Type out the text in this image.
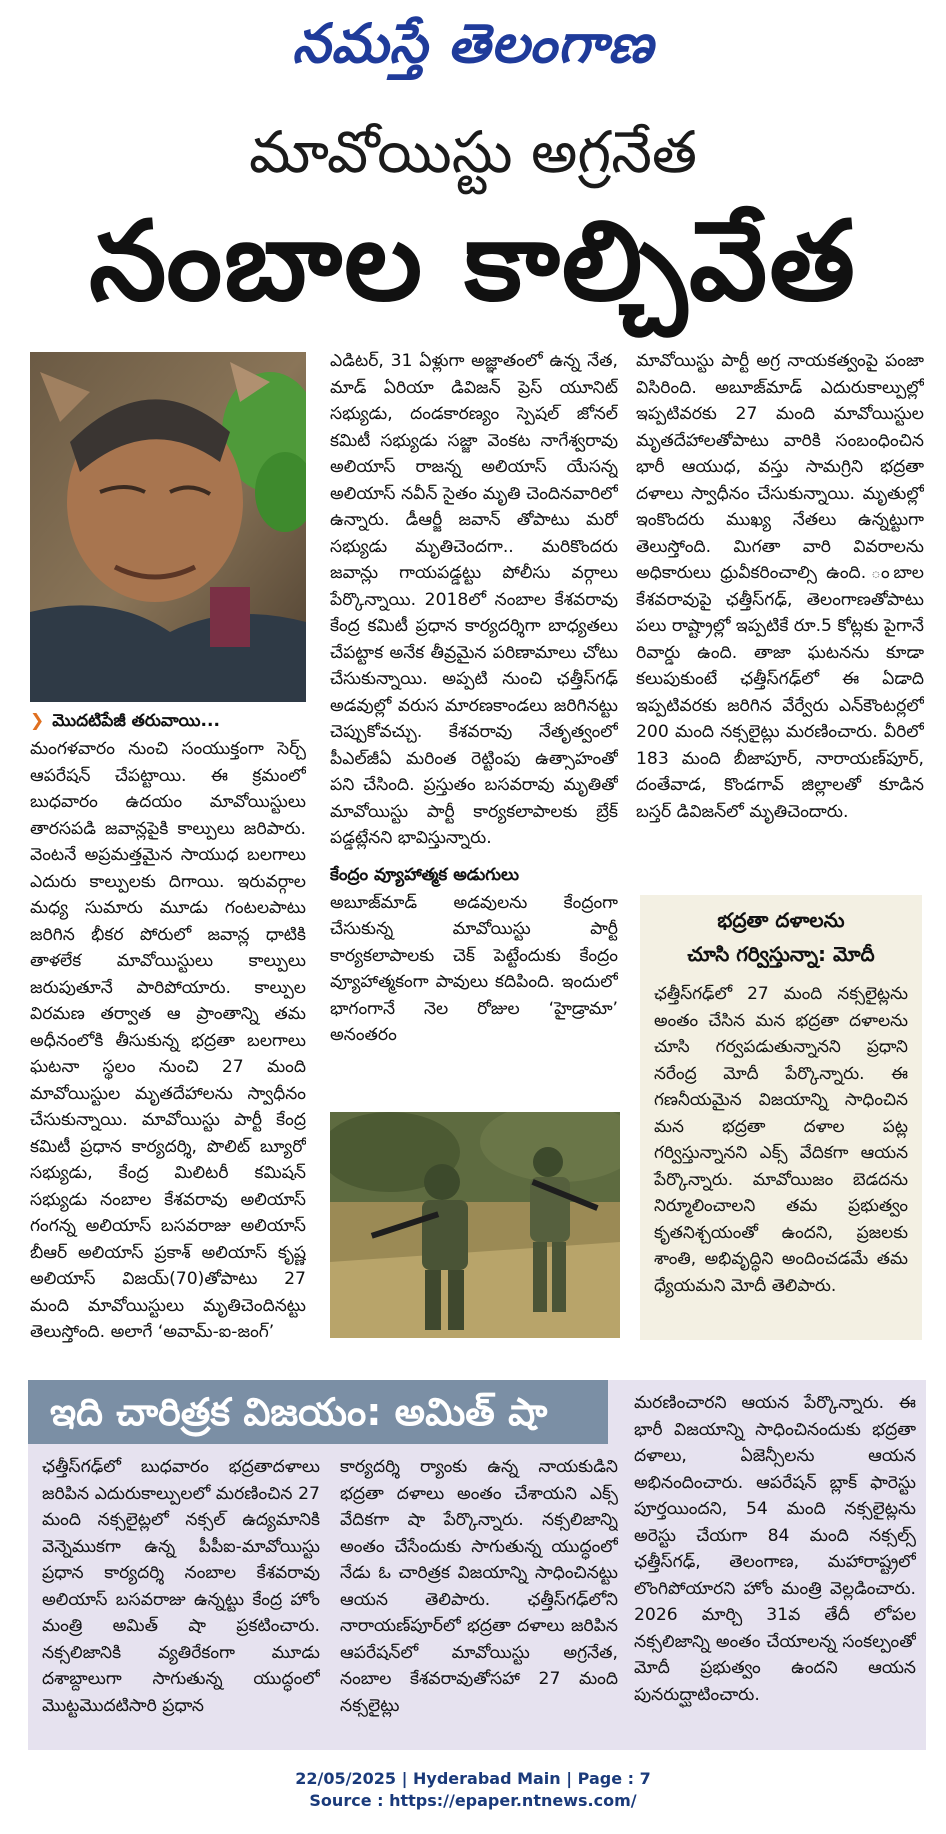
నమస్తే తెలంగాణ
మావోయిస్టు అగ్రనేత
నంబాల కాల్చివేత
❯ మొదటిపేజీ తరువాయి...

మంగళవారం నుంచి సంయుక్తంగా సెర్చ్ ఆపరేషన్ చేపట్టాయి. ఈ క్రమంలో బుధవారం ఉదయం మావోయిస్టులు తారసపడి జవాన్లపైకి కాల్పులు జరిపారు. వెంటనే అప్రమత్తమైన సాయుధ బలగాలు ఎదురు కాల్పులకు దిగాయి. ఇరువర్గాల మధ్య సుమారు మూడు గంటలపాటు జరిగిన భీకర పోరులో జవాన్ల ధాటికి తాళలేక మావోయిస్టులు కాల్పులు జరుపుతూనే పారిపోయారు. కాల్పుల విరమణ తర్వాత ఆ ప్రాంతాన్ని తమ అధీనంలోకి తీసుకున్న భద్రతా బలగాలు ఘటనా స్థలం నుంచి 27 మంది మావోయిస్టుల మృతదేహాలను స్వాధీనం చేసుకున్నాయి. మావోయిస్టు పార్టీ కేంద్ర కమిటీ ప్రధాన కార్యదర్శి, పొలిట్ బ్యూరో సభ్యుడు, కేంద్ర మిలిటరీ కమిషన్ సభ్యుడు నంబాల కేశవరావు అలియాస్ గంగన్న అలియాస్ బసవరాజు అలియాస్ బీఆర్ అలియాస్ ప్రకాశ్ అలియాస్ కృష్ణ అలియాస్ విజయ్(70)తోపాటు 27 మంది మావోయిస్టులు మృతిచెందినట్టు తెలుస్తోంది. అలాగే ‘అవామ్-ఐ-జంగ్’

ఎడిటర్, 31 ఏళ్లుగా అజ్ఞాతంలో ఉన్న నేత, మాడ్ ఏరియా డివిజన్ ప్రెస్ యూనిట్ సభ్యుడు, దండకారణ్యం స్పెషల్ జోనల్ కమిటీ సభ్యుడు సజ్జా వెంకట నాగేశ్వరావు అలియాస్ రాజన్న అలియాస్ యేసన్న అలియాస్ నవీన్ సైతం మృతి చెందినవారిలో ఉన్నారు. డీఆర్జీ జవాన్ తోపాటు మరో సభ్యుడు మృతిచెందగా.. మరికొందరు జవాన్లు గాయపడ్డట్టు పోలీసు వర్గాలు పేర్కొన్నాయి. 2018లో నంబాల కేశవరావు కేంద్ర కమిటీ ప్రధాన కార్యదర్శిగా బాధ్యతలు చేపట్టాక అనేక తీవ్రమైన పరిణామాలు చోటు చేసుకున్నాయి. అప్పటి నుంచి ఛత్తీస్‌గఢ్ అడవుల్లో వరుస మారణకాండలు జరిగినట్టు చెప్పుకోవచ్చు. కేశవరావు నేతృత్వంలో పీఎల్‌జీఏ మరింత రెట్టింపు ఉత్సాహంతో పని చేసింది. ప్రస్తుతం బసవరావు మృతితో మావోయిస్టు పార్టీ కార్యకలాపాలకు బ్రేక్ పడ్డట్లేనని భావిస్తున్నారు.

కేంద్రం వ్యూహాత్మక అడుగులు

అబూజ్‌మాడ్ అడవులను కేంద్రంగా చేసుకున్న మావోయిస్టు పార్టీ కార్యకలాపాలకు చెక్ పెట్టేందుకు కేంద్రం వ్యూహాత్మకంగా పావులు కదిపింది. ఇందులో భాగంగానే నెల రోజుల ‘హైడ్రామా’ అనంతరం

మావోయిస్టు పార్టీ అగ్ర నాయకత్వంపై పంజా విసిరింది. అబూజ్‌మాడ్ ఎదురుకాల్పుల్లో ఇప్పటివరకు 27 మంది మావోయిస్టుల మృతదేహాలతోపాటు వారికి సంబంధించిన భారీ ఆయుధ, వస్తు సామగ్రిని భద్రతా దళాలు స్వాధీనం చేసుకున్నాయి. మృతుల్లో ఇంకొందరు ముఖ్య నేతలు ఉన్నట్టుగా తెలుస్తోంది. మిగతా వారి వివరాలను అధికారులు ధ్రువీకరించాల్సి ఉంది. ంబాల కేశవరావుపై ఛత్తీస్‌గఢ్, తెలంగాణతోపాటు పలు రాష్ట్రాల్లో ఇప్పటికే రూ.5 కోట్లకు పైగానే రివార్డు ఉంది. తాజా ఘటనను కూడా కలుపుకుంటే ఛత్తీస్‌గఢ్‌లో ఈ ఏడాది ఇప్పటివరకు జరిగిన వేర్వేరు ఎన్‌కౌంటర్లలో 200 మంది నక్సలైట్లు మరణించారు. వీరిలో 183 మంది బీజాపూర్, నారాయణ్‌పూర్, దంతేవాడ, కొండగావ్ జిల్లాలతో కూడిన బస్తర్ డివిజన్‌లో మృతిచెందారు.

భద్రతా దళాలను
చూసి గర్విస్తున్నా: మోదీ
ఛత్తీస్‌గఢ్‌లో 27 మంది నక్సలైట్లను అంతం చేసిన మన భద్రతా దళాలను చూసి గర్వపడుతున్నానని ప్రధాని నరేంద్ర మోదీ పేర్కొన్నారు. ఈ గణనీయమైన విజయాన్ని సాధించిన మన భద్రతా దళాల పట్ల గర్విస్తున్నానని ఎక్స్ వేదికగా ఆయన పేర్కొన్నారు. మావోయిజం బెడదను నిర్మూలించాలని తమ ప్రభుత్వం కృతనిశ్చయంతో ఉందని, ప్రజలకు శాంతి, అభివృద్ధిని అందించడమే తమ ధ్యేయమని మోదీ తెలిపారు.
ఇది చారిత్రక విజయం: అమిత్ షా

ఛత్తీస్‌గఢ్‌లో బుధవారం భద్రతాదళాలు జరిపిన ఎదురుకాల్పులలో మరణించిన 27 మంది నక్సలైట్లలో నక్సల్ ఉద్యమానికి వెన్నెముకగా ఉన్న పీపీఐ-మావోయిస్టు ప్రధాన కార్యదర్శి నంబాల కేశవరావు అలియాస్ బసవరాజు ఉన్నట్టు కేంద్ర హోం మంత్రి అమిత్ షా ప్రకటించారు. నక్సలిజానికి వ్యతిరేకంగా మూడు దశాబ్దాలుగా సాగుతున్న యుద్ధంలో మొట్టమొదటిసారి ప్రధాన

కార్యదర్శి ర్యాంకు ఉన్న నాయకుడిని భద్రతా దళాలు అంతం చేశాయని ఎక్స్ వేదికగా షా పేర్కొన్నారు. నక్సలిజాన్ని అంతం చేసేందుకు సాగుతున్న యుద్ధంలో నేడు ఓ చారిత్రక విజయాన్ని సాధించినట్టు ఆయన తెలిపారు. ఛత్తీస్‌గఢ్‌లోని నారాయణ్‌పూర్‌లో భద్రతా దళాలు జరిపిన ఆపరేషన్‌లో మావోయిస్టు అగ్రనేత, నంబాల కేశవరావుతోసహా 27 మంది నక్సలైట్లు

మరణించారని ఆయన పేర్కొన్నారు. ఈ భారీ విజయాన్ని సాధించినందుకు భద్రతా దళాలు, ఏజెన్సీలను ఆయన అభినందించారు. ఆపరేషన్ బ్లాక్ ఫారెస్టు పూర్తయిందని, 54 మంది నక్సలైట్లను అరెస్టు చేయగా 84 మంది నక్సల్స్ ఛత్తీస్‌గఢ్, తెలంగాణ, మహారాష్ట్రలో లొంగిపోయారని హోం మంత్రి వెల్లడించారు. 2026 మార్చి 31వ తేదీ లోపల నక్సలిజాన్ని అంతం చేయాలన్న సంకల్పంతో మోదీ ప్రభుత్వం ఉందని ఆయన పునరుద్ఘాటించారు.

22/05/2025 | Hyderabad Main | Page : 7
Source : https://epaper.ntnews.com/
